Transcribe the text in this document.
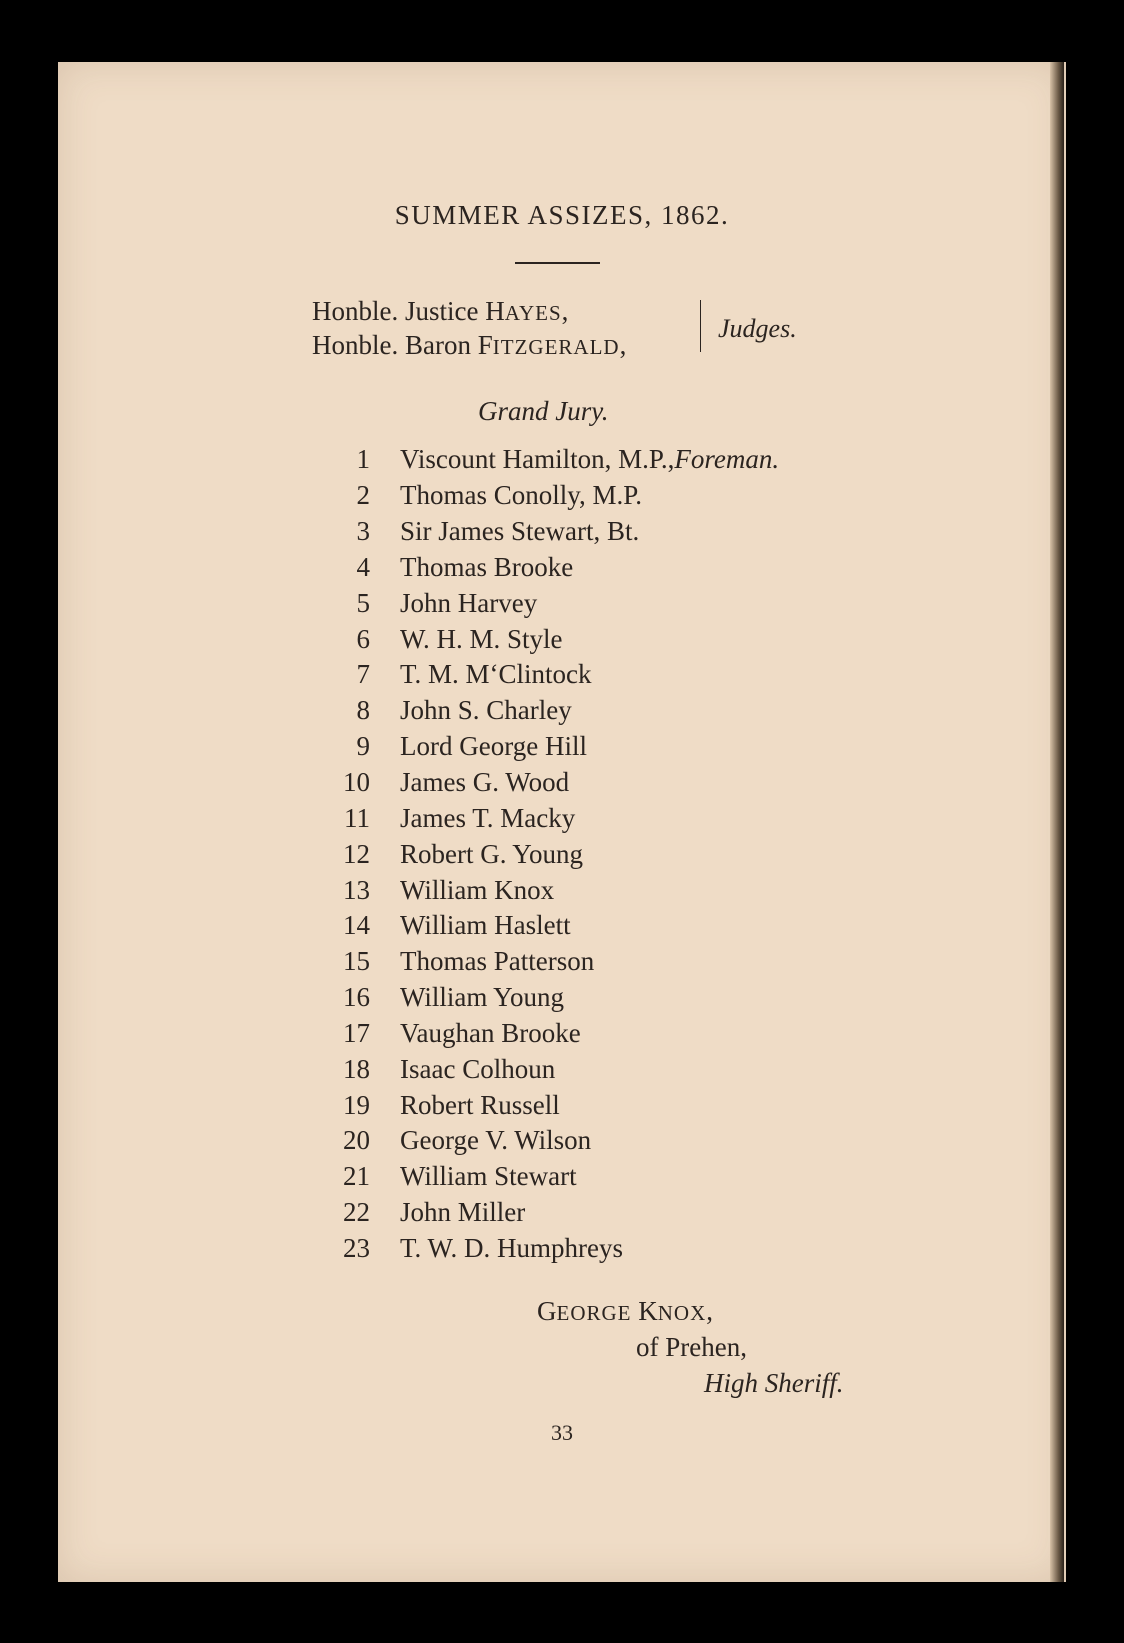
SUMMER ASSIZES, 1862.
Honble. Justice HAYES,
Honble. Baron FITZGERALD,
Judges.
Grand Jury.
1 Viscount Hamilton, M.P., Foreman.
2 Thomas Conolly, M.P.
3 Sir James Stewart, Bt.
4 Thomas Brooke
5 John Harvey
6 W. H. M. Style
7 T. M. M‘Clintock
8 John S. Charley
9 Lord George Hill
10 James G. Wood
11 James T. Macky
12 Robert G. Young
13 William Knox
14 William Haslett
15 Thomas Patterson
16 William Young
17 Vaughan Brooke
18 Isaac Colhoun
19 Robert Russell
20 George V. Wilson
21 William Stewart
22 John Miller
23 T. W. D. Humphreys
GEORGE KNOX,
of Prehen,
High Sheriff.
33
